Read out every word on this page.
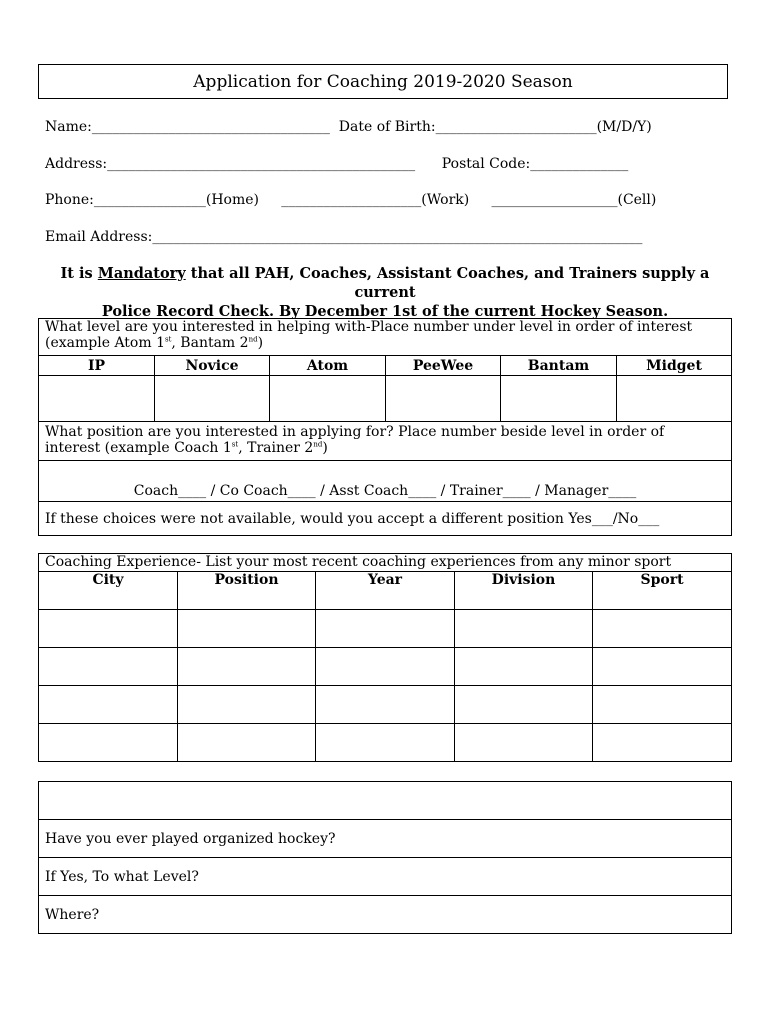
Application for Coaching 2019-2020 Season
Name:__________________________________  Date of Birth:_______________________(M/D/Y)
Address:____________________________________________      Postal Code:______________
Phone:________________(Home)     ____________________(Work)     __________________(Cell)
Email Address:______________________________________________________________________
It is Mandatory that all PAH, Coaches, Assistant Coaches, and Trainers supply a current
Police Record Check. By December 1st of the current Hockey Season.
What level are you interested in helping with-Place number under level in order of interest
(example Atom 1st, Bantam 2nd)					
IP	Novice	Atom	PeeWee	Bantam	Midget

What position are you interested in applying for? Place number beside level in order of
interest (example Coach 1st, Trainer 2nd)					
Coach____ / Co Coach____ / Asst Coach____ / Trainer____ / Manager____					
If these choices were not available, would you accept a different position Yes___/No___					
Coaching Experience- List your most recent coaching experiences from any minor sport				
City	Position	Year	Division	Sport

Have you ever played organized hockey?
If Yes, To what Level?
Where?
